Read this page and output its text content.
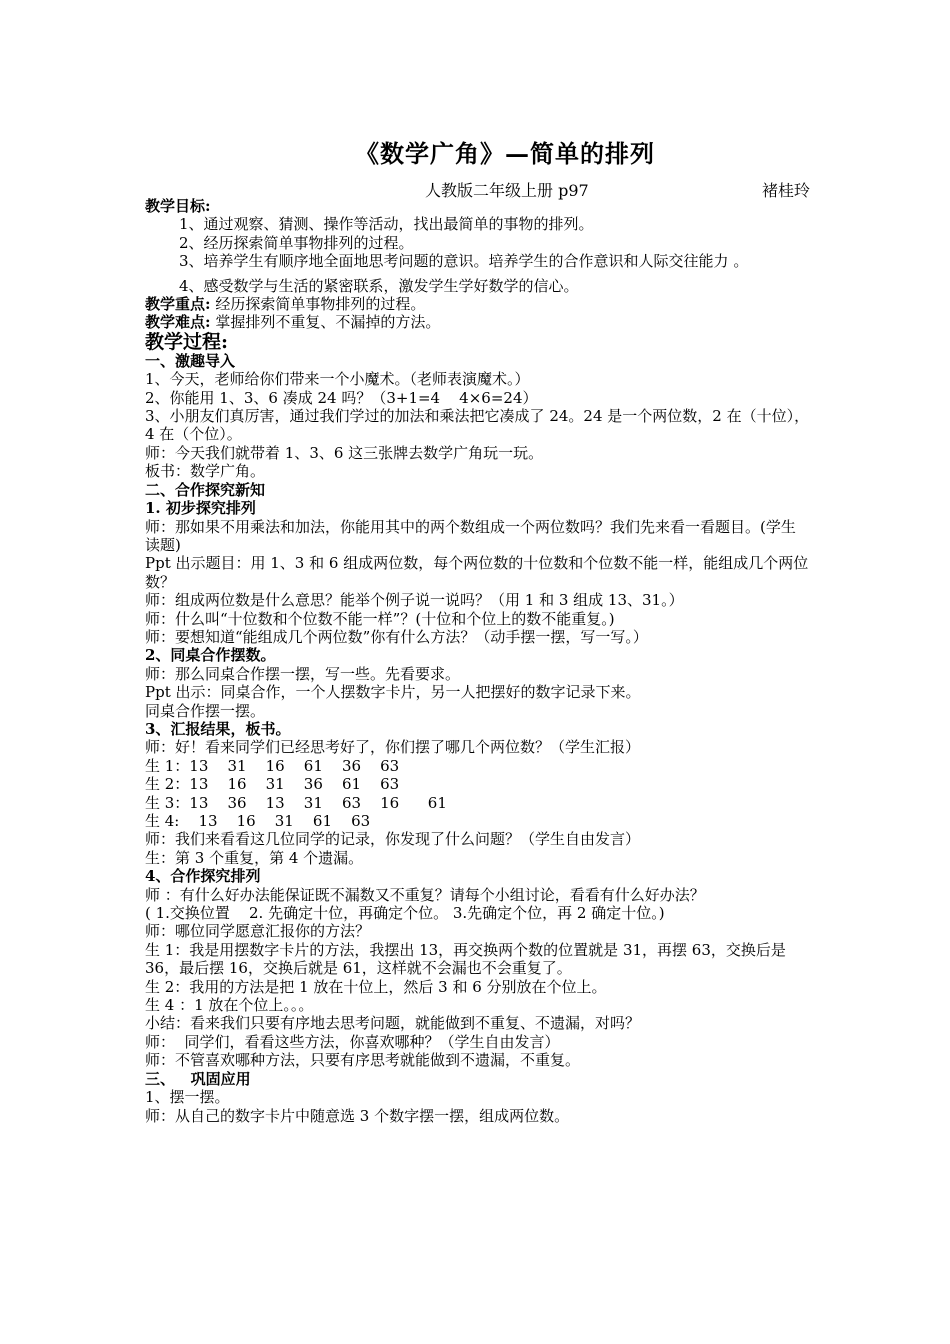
《数学广角》—简单的排列
人教版二年级上册 p97	褚桂玲

教学目标:

1、通过观察、猜测、操作等活动，找出最简单的事物的排列。

2、经历探索简单事物排列的过程。

3、培养学生有顺序地全面地思考问题的意识。培养学生的合作意识和人际交往能力 。

4、感受数学与生活的紧密联系，激发学生学好数学的信心。

教学重点: 经历探索简单事物排列的过程。

教学难点: 掌握排列不重复、不漏掉的方法。

教学过程:

一、激趣导入

1、今天，老师给你们带来一个小魔术。（老师表演魔术。）

2、你能用 1、3、6 凑成 24 吗？（3+1=4    4×6=24）

3、小朋友们真厉害，通过我们学过的加法和乘法把它凑成了 24。24 是一个两位数，2 在（十位），4 在（个位）。

师：今天我们就带着 1、3、6 这三张牌去数学广角玩一玩。

板书：数学广角。

二、合作探究新知

1. 初步探究排列

师：那如果不用乘法和加法，你能用其中的两个数组成一个两位数吗？我们先来看一看题目。(学生读题)

Ppt 出示题目：用 1、3 和 6 组成两位数，每个两位数的十位数和个位数不能一样，能组成几个两位数？

师：组成两位数是什么意思？能举个例子说一说吗？（用 1 和 3 组成 13、31。）

师：什么叫“十位数和个位数不能一样”？(十位和个位上的数不能重复。)

师：要想知道“能组成几个两位数”你有什么方法？（动手摆一摆，写一写。）

2、同桌合作摆数。

师：那么同桌合作摆一摆，写一些。先看要求。

Ppt 出示：同桌合作，一个人摆数字卡片，另一人把摆好的数字记录下来。

同桌合作摆一摆。

3、汇报结果，板书。

师：好！看来同学们已经思考好了，你们摆了哪几个两位数？（学生汇报）

生 1：13    31    16    61    36    63

生 2：13    16    31    36    61    63

生 3：13    36    13    31    63    16      61

生 4:    13    16    31    61    63

师：我们来看看这几位同学的记录，你发现了什么问题？（学生自由发言）

生：第 3 个重复，第 4 个遗漏。

4、合作探究排列

师 ：有什么好办法能保证既不漏数又不重复？请每个小组讨论，看看有什么好办法？

( 1.交换位置    2. 先确定十位，再确定个位。 3.先确定个位，再 2 确定十位。)

师：哪位同学愿意汇报你的方法？

生 1：我是用摆数字卡片的方法，我摆出 13，再交换两个数的位置就是 31，再摆 63，交换后是 36，最后摆 16，交换后就是 61，这样就不会漏也不会重复了。

生 2：我用的方法是把 1 放在十位上，然后 3 和 6 分别放在个位上。

生 4 ：1 放在个位上。。。

小结：看来我们只要有序地去思考问题，就能做到不重复、不遗漏，对吗？

师：  同学们，看看这些方法，你喜欢哪种？（学生自由发言）

师：不管喜欢哪种方法，只要有序思考就能做到不遗漏，不重复。

三、   巩固应用

1、摆一摆。

师：从自己的数字卡片中随意选 3 个数字摆一摆，组成两位数。
